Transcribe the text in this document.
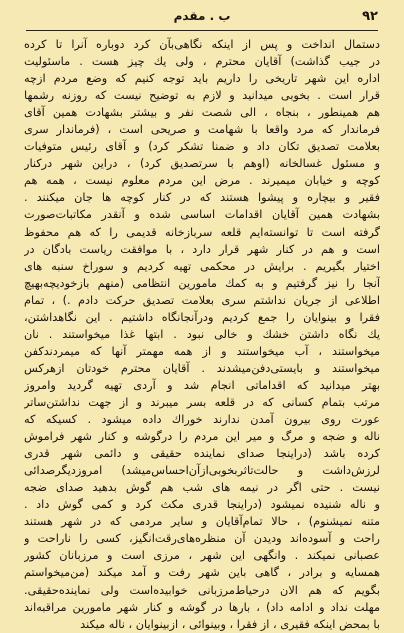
۹۲
ب . مقدم
دستمال انداخت و پس از اینکه نگاهی‌بآن کرد دوباره آنرا تا کرده
در جیب گذاشت) آقایان محترم ، ولی یك چیز هست . ماسئولیت
اداره این شهر تاریخی را داریم باید توجه کنیم که وضع مردم ازچه
قرار است . بخوبی میدانید و لازم به توضیح نیست که روزنه رشمها
هم همینطور ، بنجاه ، الی شصت نفر و بیشتر بشهادت همین آقای
فرماندار که مرد واقعا با شهامت و صریحی است ، (فرماندار سری
بعلامت تصدیق تکان داد و ضمنا تشکر کرد) و آقای رئیس متوفیات
و مسئول غسالخانه (اوهم با سرتصدیق کرد) ، دراین شهر درکنار
کوچه و خیابان میمیرند . مرض این مردم معلوم نیست ، همه هم
فقیر و بیچاره و پیشوا هستند که در کنار کوچه ها جان میکنند .
بشهادت همین آقایان اقدامات اساسی شده و آنقدر مکاتبات‌صورت
گرفته است تا توانسته‌ایم قلعه سربازخانه قدیمی را که هم محفوظ
است و هم در کنار شهر قرار دارد ، با موافقت ریاست بادگان در
اختیار بگیریم . برایش در محکمی تهیه کردیم و سوراخ سنبه های
آنجا را نیز گرفتیم و به کمك مامورین انتظامی (منهم بازخودیچه‌بهیچ
اطلاعی از جریان نداشتم سری بعلامت تصدیق حرکت دادم .) ، تمام
فقرا و بینوایان را جمع کردیم ودرآنجانگاه داشتیم . این نگاهداشتن،
یك نگاه داشتن خشك و خالی نبود . ابتها غذا میخواستند . نان
میخواستند ، آب میخواستند و از همه مهمتر آنها که میمردند‌کفن
میخواستند و بایستی‌دفن‌میشدند . آقایان محترم خودتان ازهرکس
بهتر میدانید که اقداماتی انجام شد و آردی تهیه گردید وامروز
مرتب بتمام کسانی که در قلعه بسر میبرند و از جهت نداشتن‌ساتر
عورت روی بیرون آمدن ندارند خوراك داده میشود . کسیکه که
ناله و ضجه و مرگ و میر این مردم را درگوشه و کنار شهر فراموش
کرده باشد (دراینجا صدای نماینده حقیقی و دائمی شهر قدری
لرزش‌داشت و حالت‌تاثر‌بخوبی‌از‌آن‌احساس‌میشد) امروزدیگر‌صدائی
نیست . حتی اگر در نیمه های شب هم گوش بدهید صدای ضجه
و ناله شنیده نمیشود (دراینجا قدری مکث کرد و کمی گوش داد .
متنه نمیشنوم) ، حالا تمام‌آقایان و سایر مردمی که در شهر هستند
راحت و آسوده‌اند ودیدن آن منظره‌های‌رقت‌انگیز، کسی را ناراحت و
عصبانی نمیکند . وانگهی این شهر ، مرزی است و مرزبانان کشور
همسایه و برادر ، گاهی باین شهر رفت و آمد میکند (من‌میخواستم
بگویم که هم الان در‌حیاط‌مرزبانی خوابیده‌است ولی نماینده‌حقیقی.
مهلت نداد و ادامه داد) ، بارها در گوشه و کنار شهر مامورین مراقبه‌اند
با بمحض اینکه فقیری ، از فقرا ، وبینوائی ، ازبینوایان ، ناله میکند
